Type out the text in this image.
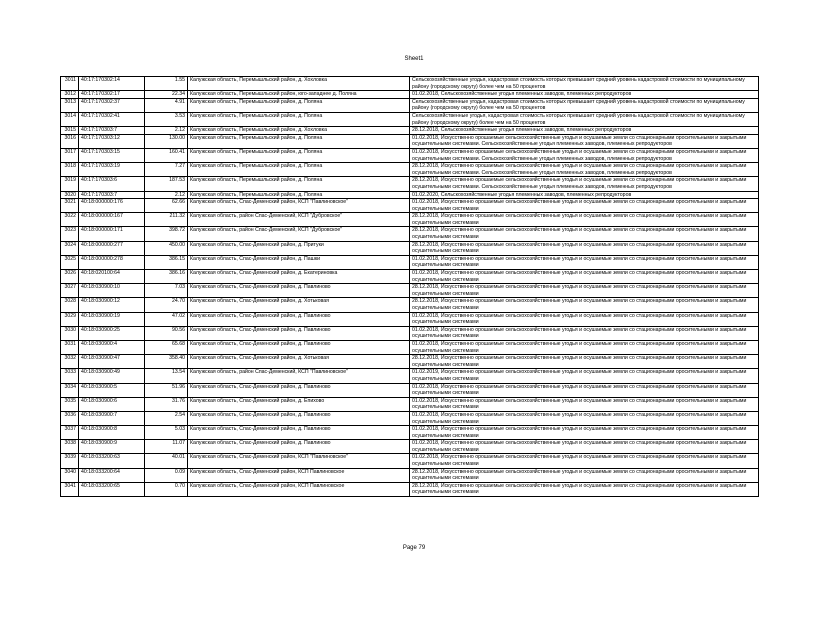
Sheet1
3011	40:17:170302:14	1.55	Калужская область, Перемышльский район, д. Хохловка	Сельскохозяйственные угодья, кадастровая стоимость которых превышает средний уровень кадастровой стоимости по муниципальному району (городскому округу) более чем на 50 процентов
3012	40:17:170302:17	22.34	Калужская область, Перемышльский район, юго-западнее д. Поляна	01.02.2018, Сельскохозяйственные угодья племенных заводов, племенных репродукторов
3013	40:17:170302:37	4.91	Калужская область, Перемышльский район, д. Поляна	Сельскохозяйственные угодья, кадастровая стоимость которых превышает средний уровень кадастровой стоимости по муниципальному району (городскому округу) более чем на 50 процентов
3014	40:17:170302:41	3.53	Калужская область, Перемышльский район, д. Поляна	Сельскохозяйственные угодья, кадастровая стоимость которых превышает средний уровень кадастровой стоимости по муниципальному району (городскому округу) более чем на 50 процентов
3015	40:17:170303:7	2.12	Калужская область, Перемышльский район, д. Хохловка	28.12.2018, Сельскохозяйственные угодья племенных заводов, племенных репродукторов
3016	40:17:170303:12	130.00	Калужская область, Перемышльский район, д. Поляна	01.02.2018, Искусственно орошаемые сельскохозяйственные угодья и осушаемые земли со стационарными оросительными и закрытыми осушительными системами. Сельскохозяйственные угодья племенных заводов, племенных репродукторов
3017	40:17:170303:15	160.41	Калужская область, Перемышльский район, д. Поляна	01.02.2018, Искусственно орошаемые сельскохозяйственные угодья и осушаемые земли со стационарными оросительными и закрытыми осушительными системами. Сельскохозяйственные угодья племенных заводов, племенных репродукторов
3018	40:17:170303:19	7.27	Калужская область, Перемышльский район, д. Поляна	28.12.2018, Искусственно орошаемые сельскохозяйственные угодья и осушаемые земли со стационарными оросительными и закрытыми осушительными системами. Сельскохозяйственные угодья племенных заводов, племенных репродукторов
3019	40:17:170303:6	187.53	Калужская область, Перемышльский район, д. Поляна	28.12.2018, Искусственно орошаемые сельскохозяйственные угодья и осушаемые земли со стационарными оросительными и закрытыми осушительными системами. Сельскохозяйственные угодья племенных заводов, племенных репродукторов
3020	40:17:170303:7	2.12	Калужская область, Перемышльский район, д. Поляна	01.02.2020, Сельскохозяйственные угодья племенных заводов, племенных репродукторов
3021	40:18:000000:176	62.66	Калужская область, Спас-Деменский район, КСП "Павлиновское"	01.02.2018, Искусственно орошаемые сельскохозяйственные угодья и осушаемые земли со стационарными оросительными и закрытыми осушительными системами
3022	40:18:000000:167	211.32	Калужская область, район Спас-Деменский, КСП "Дубровское"	28.12.2018, Искусственно орошаемые сельскохозяйственные угодья и осушаемые земли со стационарными оросительными и закрытыми осушительными системами
3023	40:18:000000:171	398.72	Калужская область, район Спас-Деменский, КСП "Дубровское"	28.12.2018, Искусственно орошаемые сельскохозяйственные угодья и осушаемые земли со стационарными оросительными и закрытыми осушительными системами
3024	40:18:000000:277	450.00	Калужская область, Спас-Деменский район, д. Притуки	28.12.2018, Искусственно орошаемые сельскохозяйственные угодья и осушаемые земли со стационарными оросительными и закрытыми осушительными системами
3025	40:18:000000:278	386.15	Калужская область, Спас-Деменский район, д. Пашки	01.02.2018, Искусственно орошаемые сельскохозяйственные угодья и осушаемые земли со стационарными оросительными и закрытыми осушительными системами
3026	40:18:020100:64	386.16	Калужская область, Спас-Деменский район, д. Екатериновка	01.02.2018, Искусственно орошаемые сельскохозяйственные угодья и осушаемые земли со стационарными оросительными и закрытыми осушительными системами
3027	40:18:030900:10	7.03	Калужская область, Спас-Деменский район, д. Павлиново	28.12.2018, Искусственно орошаемые сельскохозяйственные угодья и осушаемые земли со стационарными оросительными и закрытыми осушительными системами
3028	40:18:030900:12	24.70	Калужская область, Спас-Деменский район, д. Хотьковая	28.12.2018, Искусственно орошаемые сельскохозяйственные угодья и осушаемые земли со стационарными оросительными и закрытыми осушительными системами
3029	40:18:030900:19	47.02	Калужская область, Спас-Деменский район, д. Павлиново	01.02.2018, Искусственно орошаемые сельскохозяйственные угодья и осушаемые земли со стационарными оросительными и закрытыми осушительными системами
3030	40:18:030900:25	90.56	Калужская область, Спас-Деменский район, д. Павлиново	01.02.2018, Искусственно орошаемые сельскохозяйственные угодья и осушаемые земли со стационарными оросительными и закрытыми осушительными системами
3031	40:18:030900:4	65.68	Калужская область, Спас-Деменский район, д. Павлиново	01.02.2018, Искусственно орошаемые сельскохозяйственные угодья и осушаемые земли со стационарными оросительными и закрытыми осушительными системами
3032	40:18:030900:47	358.40	Калужская область, Спас-Деменский район, д. Хотьковая	28.12.2018, Искусственно орошаемые сельскохозяйственные угодья и осушаемые земли со стационарными оросительными и закрытыми осушительными системами
3033	40:18:030900:49	13.54	Калужская область, район Спас-Деменский, КСП "Павлиновское"	01.02.2019, Искусственно орошаемые сельскохозяйственные угодья и осушаемые земли со стационарными оросительными и закрытыми осушительными системами
3034	40:18:030900:5	51.96	Калужская область, Спас-Деменский район, д. Павлиново	01.02.2018, Искусственно орошаемые сельскохозяйственные угодья и осушаемые земли со стационарными оросительными и закрытыми осушительными системами
3035	40:18:030900:6	31.76	Калужская область, Спас-Деменский район, д. Епихово	01.02.2018, Искусственно орошаемые сельскохозяйственные угодья и осушаемые земли со стационарными оросительными и закрытыми осушительными системами
3036	40:18:030900:7	2.54	Калужская область, Спас-Деменский район, д. Павлиново	01.02.2018, Искусственно орошаемые сельскохозяйственные угодья и осушаемые земли со стационарными оросительными и закрытыми осушительными системами
3037	40:18:030900:8	5.03	Калужская область, Спас-Деменский район, д. Павлиново	01.02.2018, Искусственно орошаемые сельскохозяйственные угодья и осушаемые земли со стационарными оросительными и закрытыми осушительными системами
3038	40:18:030900:9	11.07	Калужская область, Спас-Деменский район, д. Павлиново	01.02.2018, Искусственно орошаемые сельскохозяйственные угодья и осушаемые земли со стационарными оросительными и закрытыми осушительными системами
3039	40:18:033200:63	40.01	Калужская область, Спас-Деменский район, КСП "Павлиновское"	01.02.2018, Искусственно орошаемые сельскохозяйственные угодья и осушаемые земли со стационарными оросительными и закрытыми осушительными системами
3040	40:18:033200:64	0.09	Калужская область, Спас-Деменский район, КСП Павлиновское	28.12.2018, Искусственно орошаемые сельскохозяйственные угодья и осушаемые земли со стационарными оросительными и закрытыми осушительными системами
3041	40:18:033200:65	0.70	Калужская область, Спас-Деменский район, КСП Павлиновское	28.12.2018, Искусственно орошаемые сельскохозяйственные угодья и осушаемые земли со стационарными оросительными и закрытыми осушительными системами
Page 79
